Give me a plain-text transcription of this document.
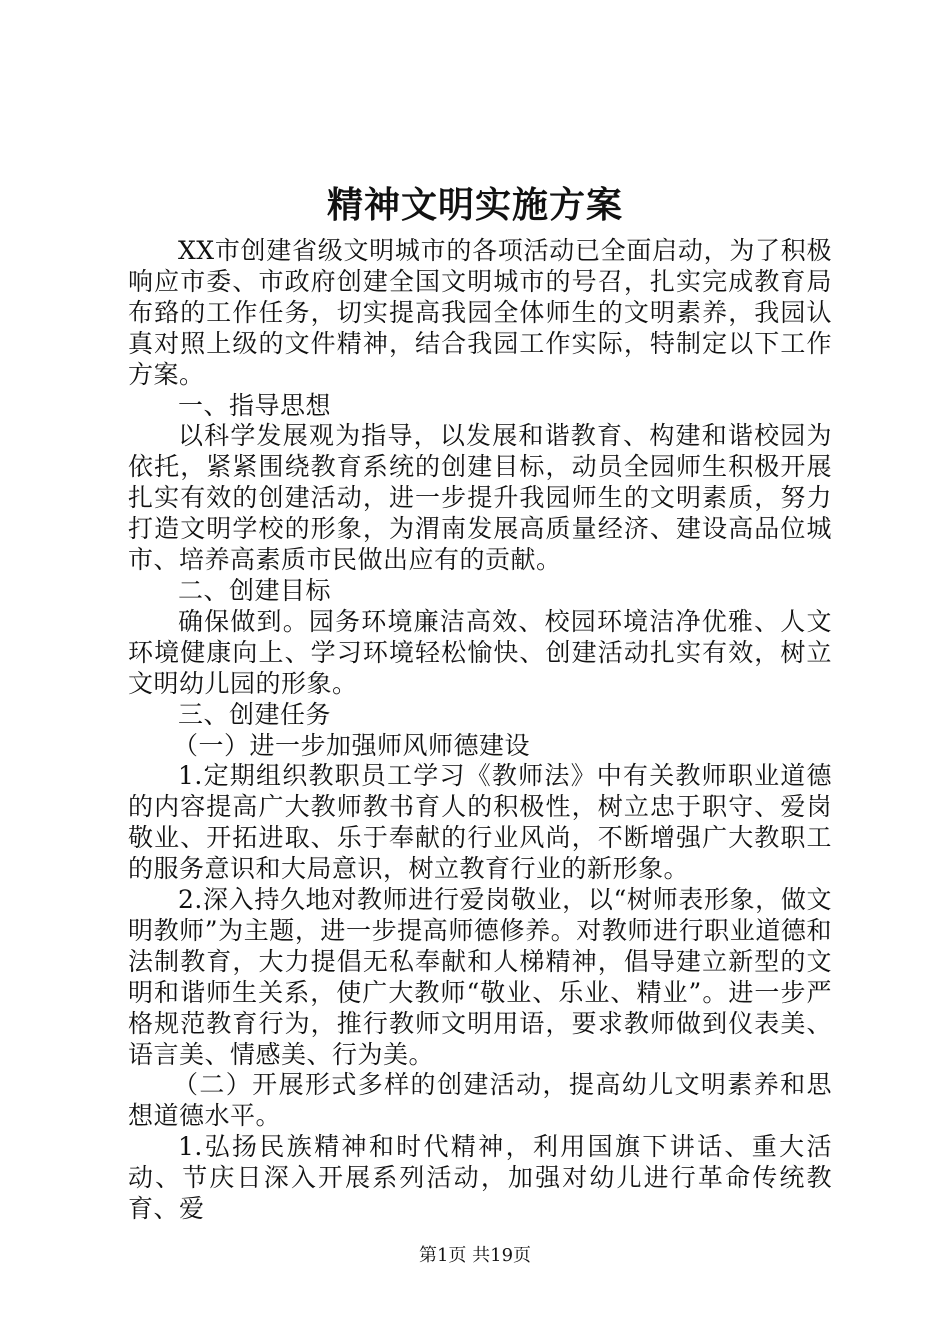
精神文明实施方案

XX市创建省级文明城市的各项活动已全面启动，为了积极响应市委、市政府创建全国文明城市的号召，扎实完成教育局布臵的工作任务，切实提高我园全体师生的文明素养，我园认真对照上级的文件精神，结合我园工作实际，特制定以下工作方案。

一、指导思想

以科学发展观为指导，以发展和谐教育、构建和谐校园为依托，紧紧围绕教育系统的创建目标，动员全园师生积极开展扎实有效的创建活动，进一步提升我园师生的文明素质，努力打造文明学校的形象，为渭南发展高质量经济、建设高品位城市、培养高素质市民做出应有的贡献。

二、创建目标

确保做到。园务环境廉洁高效、校园环境洁净优雅、人文环境健康向上、学习环境轻松愉快、创建活动扎实有效，树立文明幼儿园的形象。

三、创建任务

（一）进一步加强师风师德建设

1.定期组织教职员工学习《教师法》中有关教师职业道德的内容提高广大教师教书育人的积极性，树立忠于职守、爱岗敬业、开拓进取、乐于奉献的行业风尚，不断增强广大教职工的服务意识和大局意识，树立教育行业的新形象。

2.深入持久地对教师进行爱岗敬业，以“树师表形象，做文明教师”为主题，进一步提高师德修养。对教师进行职业道德和法制教育，大力提倡无私奉献和人梯精神，倡导建立新型的文明和谐师生关系，使广大教师“敬业、乐业、精业”。进一步严格规范教育行为，推行教师文明用语，要求教师做到仪表美、语言美、情感美、行为美。

（二）开展形式多样的创建活动，提高幼儿文明素养和思想道德水平。

1.弘扬民族精神和时代精神，利用国旗下讲话、重大活动、节庆日深入开展系列活动，加强对幼儿进行革命传统教育、爱

第1页 共19页
